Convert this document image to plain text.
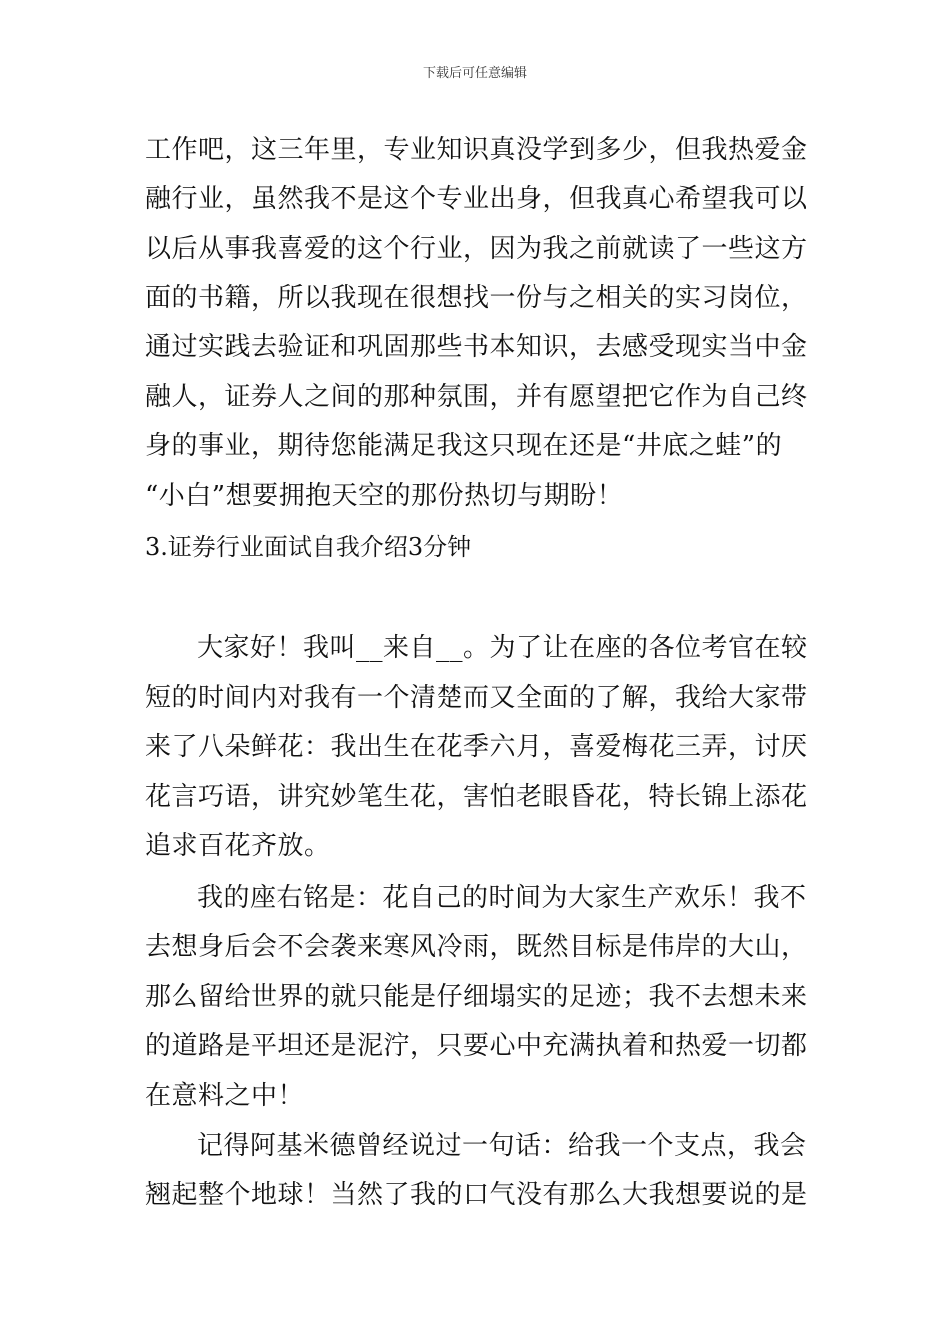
下载后可任意编辑
工作吧，这三年里，专业知识真没学到多少，但我热爱金
融行业，虽然我不是这个专业出身，但我真心希望我可以
以后从事我喜爱的这个行业，因为我之前就读了一些这方
面的书籍，所以我现在很想找一份与之相关的实习岗位，
通过实践去验证和巩固那些书本知识，去感受现实当中金
融人，证券人之间的那种氛围，并有愿望把它作为自己终
身的事业，期待您能满足我这只现在还是“井底之蛙”的
“小白”想要拥抱天空的那份热切与期盼！
3.证券行业面试自我介绍3分钟
大家好！我叫__来自__。为了让在座的各位考官在较
短的时间内对我有一个清楚而又全面的了解，我给大家带
来了八朵鲜花：我出生在花季六月，喜爱梅花三弄，讨厌
花言巧语，讲究妙笔生花，害怕老眼昏花，特长锦上添花
追求百花齐放。
我的座右铭是：花自己的时间为大家生产欢乐！我不
去想身后会不会袭来寒风冷雨，既然目标是伟岸的大山，
那么留给世界的就只能是仔细塌实的足迹；我不去想未来
的道路是平坦还是泥泞，只要心中充满执着和热爱一切都
在意料之中！
记得阿基米德曾经说过一句话：给我一个支点，我会
翘起整个地球！当然了我的口气没有那么大我想要说的是
